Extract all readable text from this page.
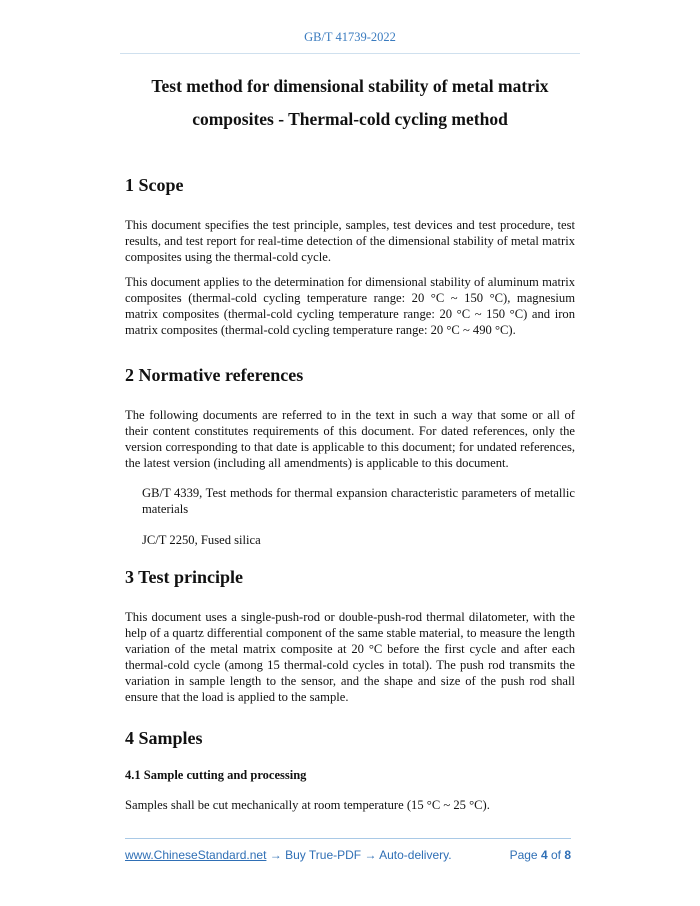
GB/T 41739-2022
Test method for dimensional stability of metal matrix
composites - Thermal-cold cycling method
1 Scope
This document specifies the test principle, samples, test devices and test procedure, test results, and test report for real-time detection of the dimensional stability of metal matrix composites using the thermal-cold cycle.
This document applies to the determination for dimensional stability of aluminum matrix composites (thermal-cold cycling temperature range: 20 °C ~ 150 °C), magnesium matrix composites (thermal-cold cycling temperature range: 20 °C ~ 150 °C) and iron matrix composites (thermal-cold cycling temperature range: 20 °C ~ 490 °C).
2 Normative references
The following documents are referred to in the text in such a way that some or all of their content constitutes requirements of this document. For dated references, only the version corresponding to that date is applicable to this document; for undated references, the latest version (including all amendments) is applicable to this document.
GB/T 4339, Test methods for thermal expansion characteristic parameters of metallic materials
JC/T 2250, Fused silica
3 Test principle
This document uses a single-push-rod or double-push-rod thermal dilatometer, with the help of a quartz differential component of the same stable material, to measure the length variation of the metal matrix composite at 20 °C before the first cycle and after each thermal-cold cycle (among 15 thermal-cold cycles in total). The push rod transmits the variation in sample length to the sensor, and the shape and size of the push rod shall ensure that the load is applied to the sample.
4 Samples
4.1 Sample cutting and processing
Samples shall be cut mechanically at room temperature (15 °C ~ 25 °C).
www.ChineseStandard.net → Buy True-PDF → Auto-delivery.	Page 4 of 8
